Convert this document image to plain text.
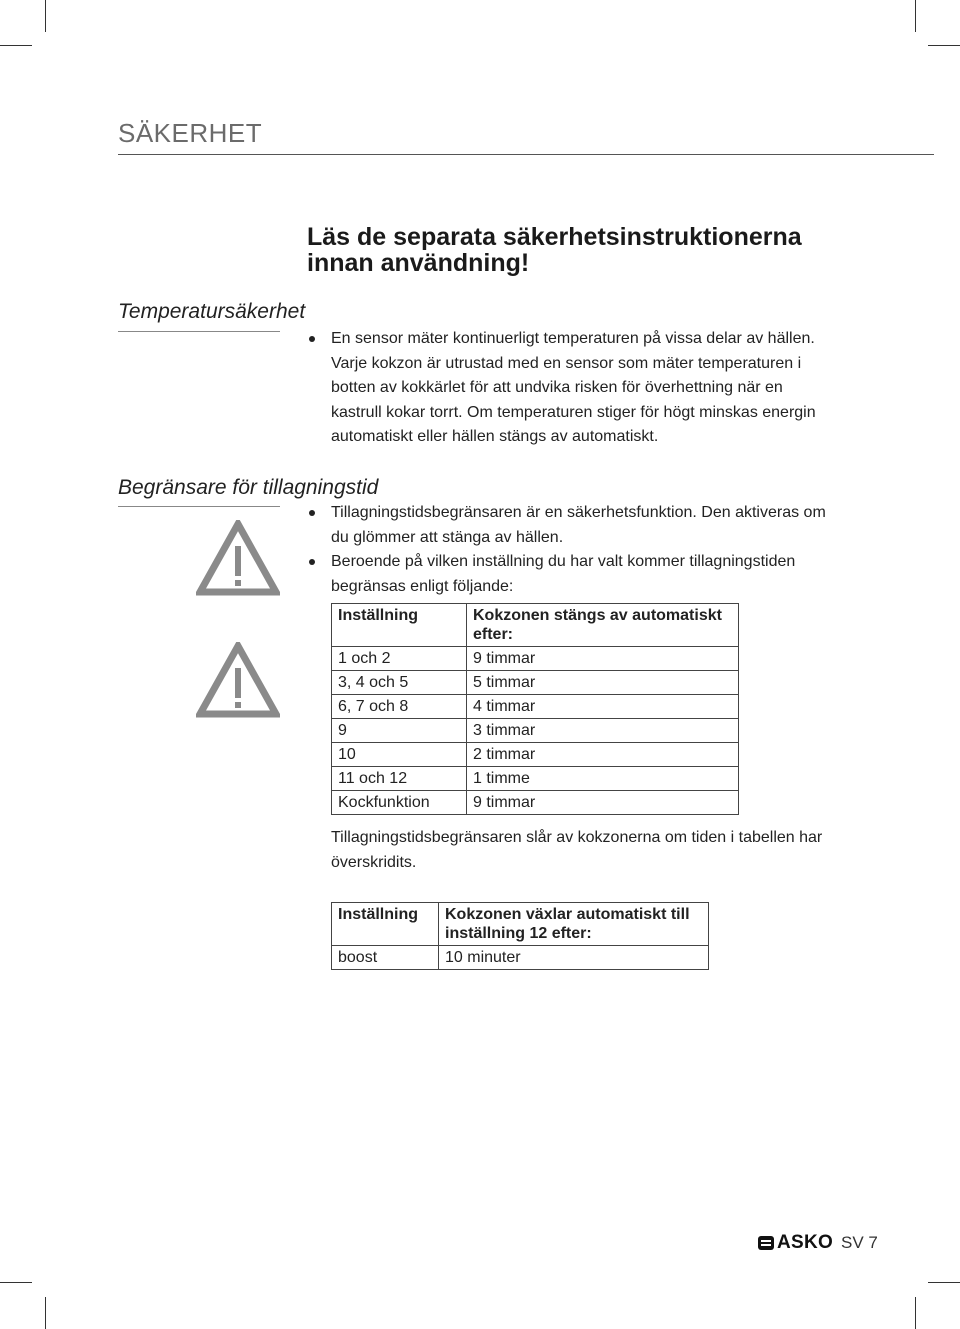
SÄKERHET
Läs de separata säkerhetsinstruktionerna innan användning!
Temperatursäkerhet
En sensor mäter kontinuerligt temperaturen på vissa delar av hällen. Varje kokzon är utrustad med en sensor som mäter temperaturen i botten av kokkärlet för att undvika risken för överhettning när en kastrull kokar torrt. Om temperaturen stiger för högt minskas energin automatiskt eller hällen stängs av automatiskt.
Begränsare för tillagningstid
Tillagningstidsbegränsaren är en säkerhetsfunktion. Den aktiveras om du glömmer att stänga av hällen.
Beroende på vilken inställning du har valt kommer tillagningstiden begränsas enligt följande:
Inställning	Kokzonen stängs av automatiskt efter:
1 och 2	9 timmar
3, 4 och 5	5 timmar
6, 7 och 8	4 timmar
9	3 timmar
10	2 timmar
11 och 12	1 timme
Kockfunktion	9 timmar
Tillagningstidsbegränsaren slår av kokzonerna om tiden i tabellen har överskridits.
Inställning	Kokzonen växlar automatiskt till inställning 12 efter:
boost	10 minuter
ASKO SV 7
